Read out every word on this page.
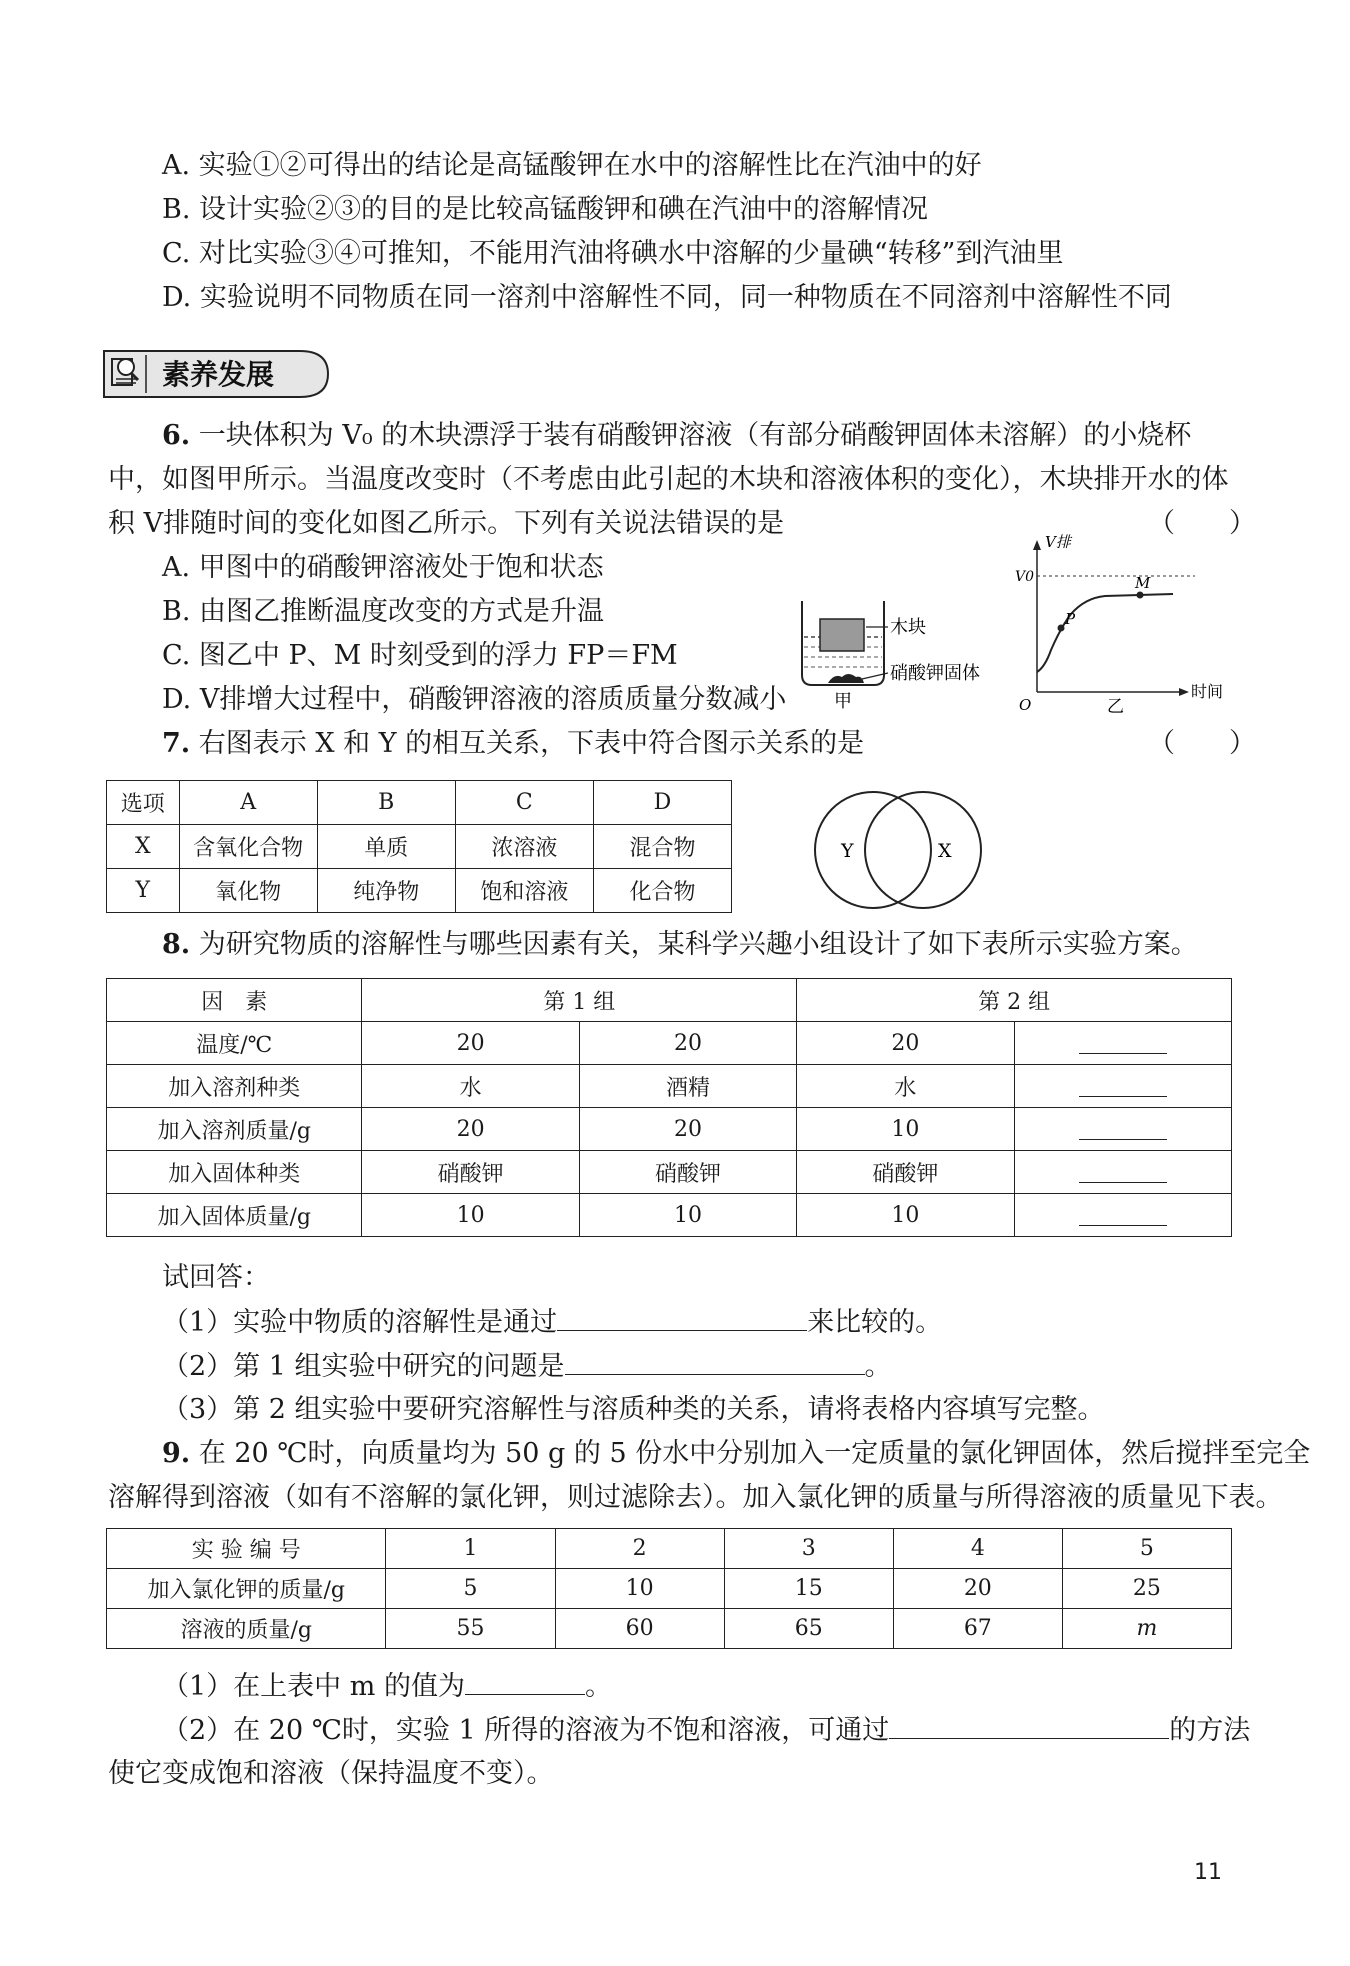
A. 实验①②可得出的结论是高锰酸钾在水中的溶解性比在汽油中的好
B. 设计实验②③的目的是比较高锰酸钾和碘在汽油中的溶解情况
C. 对比实验③④可推知，不能用汽油将碘水中溶解的少量碘“转移”到汽油里
D. 实验说明不同物质在同一溶剂中溶解性不同，同一种物质在不同溶剂中溶解性不同
素养发展
6. 一块体积为 V₀ 的木块漂浮于装有硝酸钾溶液（有部分硝酸钾固体未溶解）的小烧杯
中，如图甲所示。当温度改变时（不考虑由此引起的木块和溶液体积的变化），木块排开水的体
积 V排随时间的变化如图乙所示。下列有关说法错误的是	（　　）
A. 甲图中的硝酸钾溶液处于饱和状态
B. 由图乙推断温度改变的方式是升温
C. 图乙中 P、M 时刻受到的浮力 FP＝FM
D. V排增大过程中，硝酸钾溶液的溶质质量分数减小
木块
硝酸钾固体
甲
V排
V0
O
时间
P
M
乙
7. 右图表示 X 和 Y 的相互关系，下表中符合图示关系的是	（　　）
选项	A	B	C	D
X	含氧化合物	单质	浓溶液	混合物
Y	氧化物	纯净物	饱和溶液	化合物
Y	X
8. 为研究物质的溶解性与哪些因素有关，某科学兴趣小组设计了如下表所示实验方案。
因　素	第 1 组		第 2 组	
温度/℃	20	20	20	
加入溶剂种类	水	酒精	水	
加入溶剂质量/g	20	20	10	
加入固体种类	硝酸钾	硝酸钾	硝酸钾	
加入固体质量/g	10	10	10	
试回答：
（1）实验中物质的溶解性是通过	来比较的。
（2）第 1 组实验中研究的问题是	。
（3）第 2 组实验中要研究溶解性与溶质种类的关系，请将表格内容填写完整。
9. 在 20 ℃时，向质量均为 50 g 的 5 份水中分别加入一定质量的氯化钾固体，然后搅拌至完全
溶解得到溶液（如有不溶解的氯化钾，则过滤除去）。加入氯化钾的质量与所得溶液的质量见下表。
实 验 编 号	1	2	3	4	5
加入氯化钾的质量/g	5	10	15	20	25
溶液的质量/g	55	60	65	67	m
（1）在上表中 m 的值为	。
（2）在 20 ℃时，实验 1 所得的溶液为不饱和溶液，可通过	的方法
使它变成饱和溶液（保持温度不变）。
11
